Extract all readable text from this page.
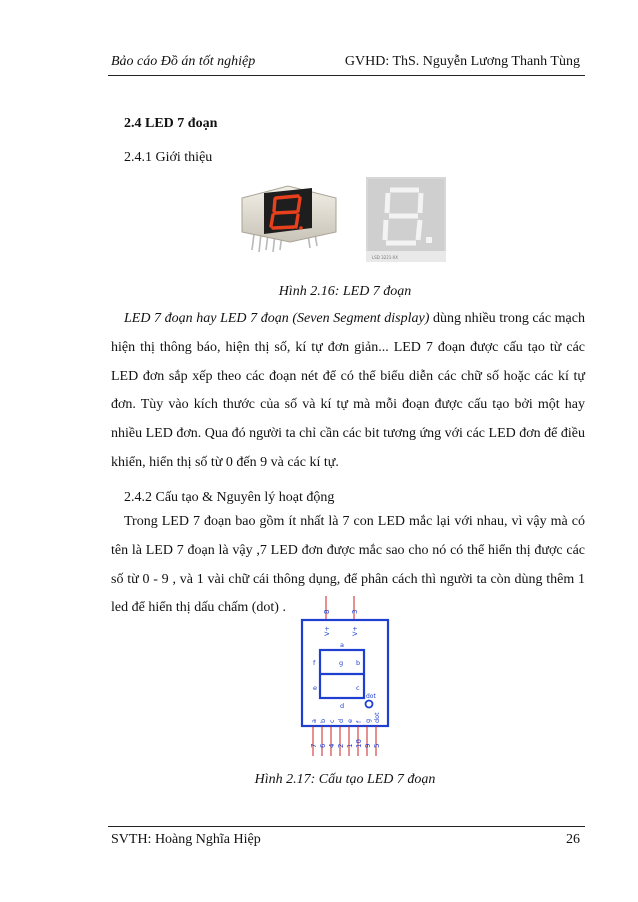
Bảo cáo Đồ án tốt nghiệp	GVHD: ThS. Nguyễn Lương Thanh Tùng
2.4 LED 7 đoạn
2.4.1 Giới thiệu
LSD 3221-XX
Hình 2.16: LED 7 đoạn
LED 7 đoạn hay LED 7 đoạn (Seven Segment display) dùng nhiều trong các mạch hiện thị thông báo, hiện thị số, kí tự đơn giản... LED 7 đoạn được cấu tạo từ các LED đơn sắp xếp theo các đoạn nét để có thể biểu diễn các chữ số hoặc các kí tự đơn. Tùy vào kích thước của số và kí tự mà mỗi đoạn được cấu tạo bởi một hay nhiều LED đơn. Qua đó người ta chỉ cần các bit tương ứng với các LED đơn để điều khiển, hiển thị số từ 0 đến 9 và các kí tự.
2.4.2 Cấu tạo & Nguyên lý hoạt động
Trong LED 7 đoạn bao gồm ít nhất là 7 con LED mắc lại với nhau, vì vậy mà có tên là LED 7 đoạn là vậy ,7 LED đơn được mắc sao cho nó có thể hiển thị được các số từ 0 - 9 , và 1 vài chữ cái thông dụng, để phân cách thì người ta còn dùng thêm 1 led để hiển thị dấu chấm (dot) .	8	3
V+	V+
a
b
c
d
e
f	g
dot
a b c d e f g dot
7 6 4 2 1 10 9 5
Hình 2.17: Cấu tạo LED 7 đoạn
SVTH: Hoàng Nghĩa Hiệp	26
